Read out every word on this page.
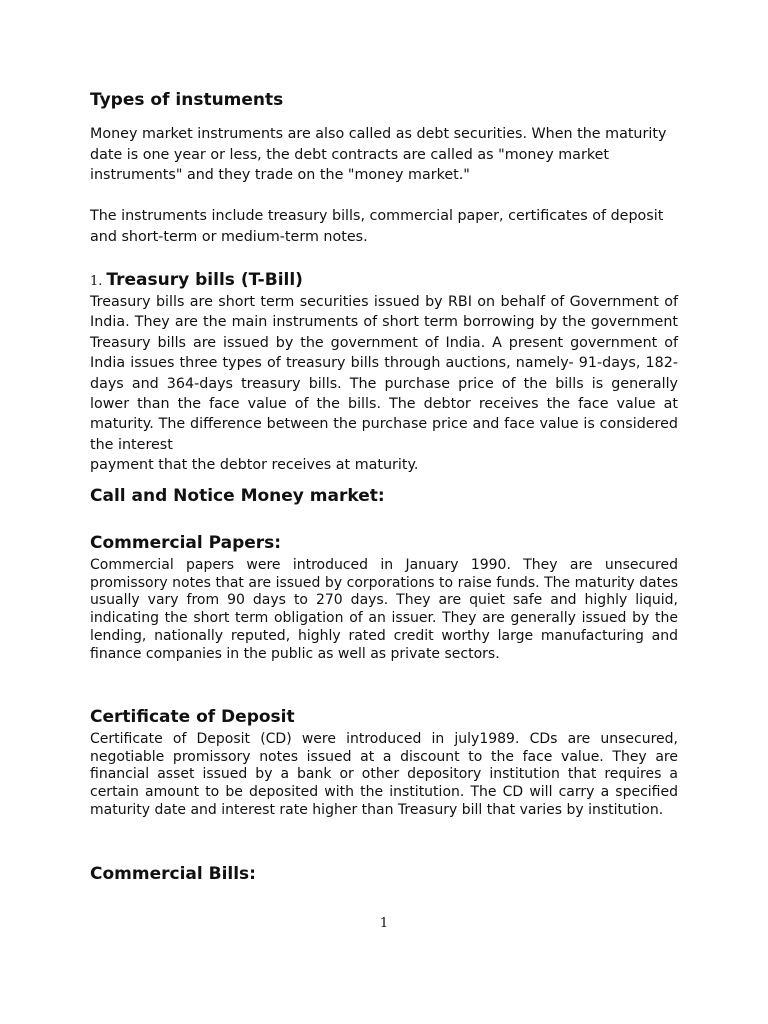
Types of instuments

Money market instruments are also called as debt securities. When the maturity date is one year or less, the debt contracts are called as "money market instruments" and they trade on the "money market."

The instruments include treasury bills, commercial paper, certificates of deposit and short-term or medium-term notes.

1. Treasury bills (T-Bill)

Treasury bills are short term securities issued by RBI on behalf of Government of India. They are the main instruments of short term borrowing by the government Treasury bills are issued by the government of India. A present government of India issues three types of treasury bills through auctions, namely- 91-days, 182-days and 364-days treasury bills. The purchase price of the bills is generally lower than the face value of the bills. The debtor receives the face value at maturity. The difference between the purchase price and face value is considered the interest

payment that the debtor receives at maturity.

Call and Notice Money market:
Commercial Papers:

Commercial papers were introduced in January 1990. They are unsecured promissory notes that are issued by corporations to raise funds. The maturity dates usually vary from 90 days to 270 days. They are quiet safe and highly liquid, indicating the short term obligation of an issuer. They are generally issued by the lending, nationally reputed, highly rated credit worthy large manufacturing and finance companies in the public as well as private sectors.

Certificate of Deposit

Certificate of Deposit (CD) were introduced in july1989. CDs are unsecured, negotiable promissory notes issued at a discount to the face value. They are financial asset issued by a bank or other depository institution that requires a certain amount to be deposited with the institution. The CD will carry a specified maturity date and interest rate higher than Treasury bill that varies by institution.

Commercial Bills:
1
